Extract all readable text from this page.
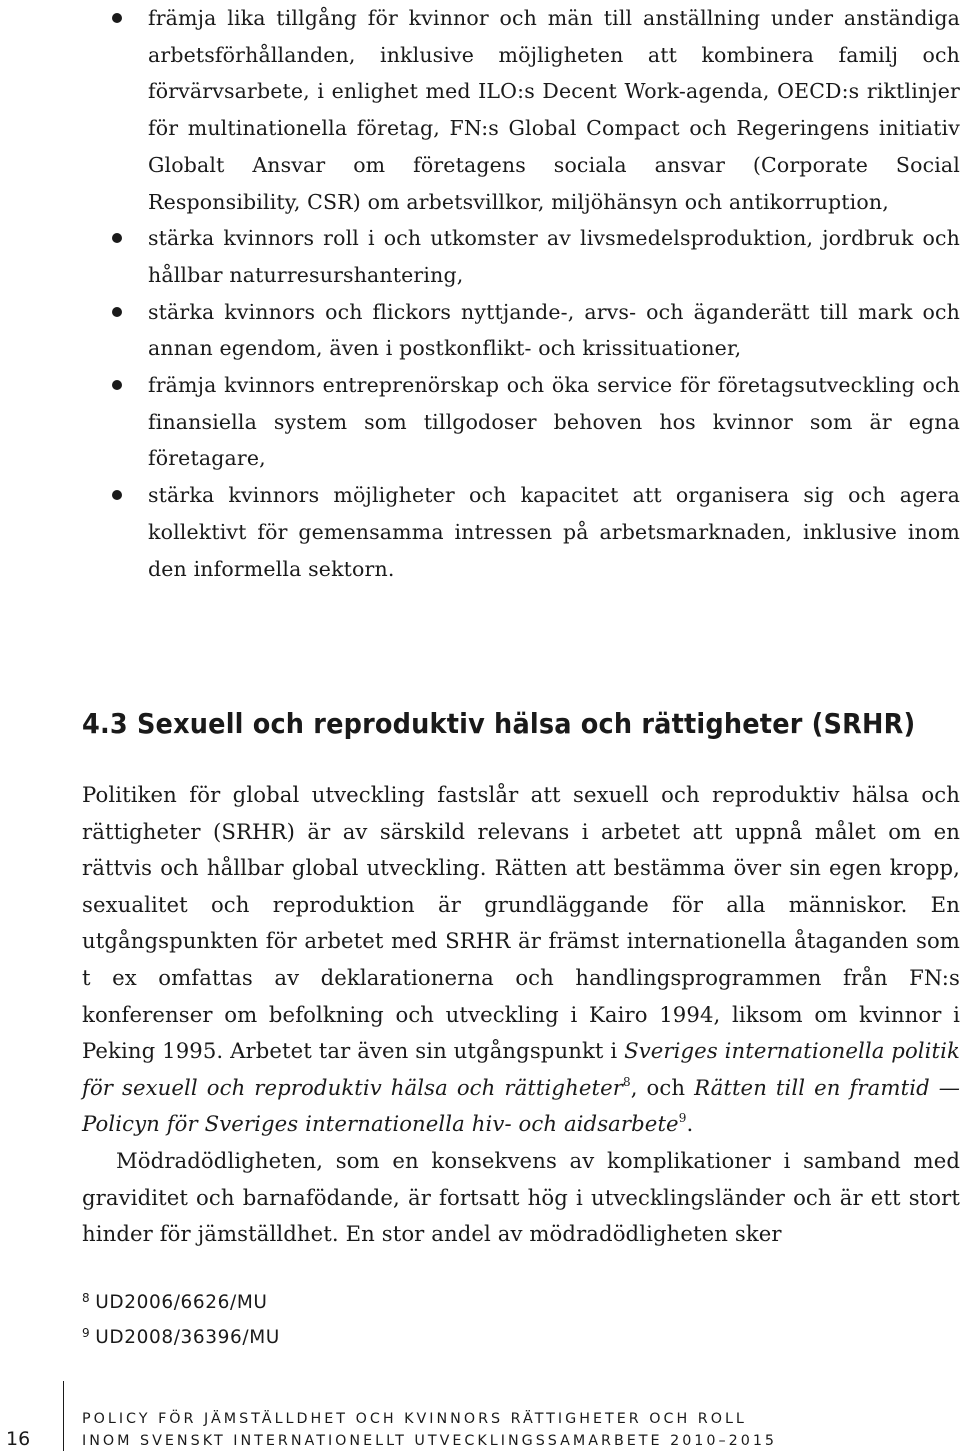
främja lika tillgång för kvinnor och män till anställning under anständiga arbetsförhållanden, inklusive möjligheten att kombinera familj och förvärvsarbete, i enlighet med ILO:s Decent Work-agenda, OECD:s riktlinjer för multinationella företag, FN:s Global Compact och Regeringens initiativ Globalt Ansvar om företagens sociala ansvar (Corporate Social Responsibility, CSR) om arbetsvillkor, miljöhänsyn och antikorruption,
stärka kvinnors roll i och utkomster av livsmedelsproduktion, jordbruk och hållbar naturresurshantering,
stärka kvinnors och flickors nyttjande-, arvs- och äganderätt till mark och annan egendom, även i postkonflikt- och krissituationer,
främja kvinnors entreprenörskap och öka service för företagsutveckling och finansiella system som tillgodoser behoven hos kvinnor som är egna företagare,
stärka kvinnors möjligheter och kapacitet att organisera sig och agera kollektivt för gemensamma intressen på arbetsmarknaden, inklusive inom den informella sektorn.
4.3 Sexuell och reproduktiv hälsa och rättigheter (SRHR)

Politiken för global utveckling fastslår att sexuell och reproduktiv hälsa och rättigheter (SRHR) är av särskild relevans i arbetet att uppnå målet om en rättvis och hållbar global utveckling. Rätten att bestämma över sin egen kropp, sexualitet och reproduktion är grundläggande för alla människor. En utgångspunkten för arbetet med SRHR är främst internationella åtaganden som t ex omfattas av deklarationerna och handlingsprogrammen från FN:s konferenser om befolkning och utveckling i Kairo 1994, liksom om kvinnor i Peking 1995. Arbetet tar även sin utgångspunkt i Sveriges internationella politik för sexuell och reproduktiv hälsa och rättigheter$^8$, och Rätten till en framtid — Policyn för Sveriges internationella hiv- och aidsarbete$^9$.

Mödradödligheten, som en konsekvens av komplikationer i samband med graviditet och barnafödande, är fortsatt hög i utvecklingsländer och är ett stort hinder för jämställdhet. En stor andel av mödradödligheten sker

$^8$ UD2006/6626/MU
$^9$ UD2008/36396/MU
16
POLICY FÖR JÄMSTÄLLDHET OCH KVINNORS RÄTTIGHETER OCH ROLL
INOM SVENSKT INTERNATIONELLT UTVECKLINGSSAMARBETE 2010–2015
